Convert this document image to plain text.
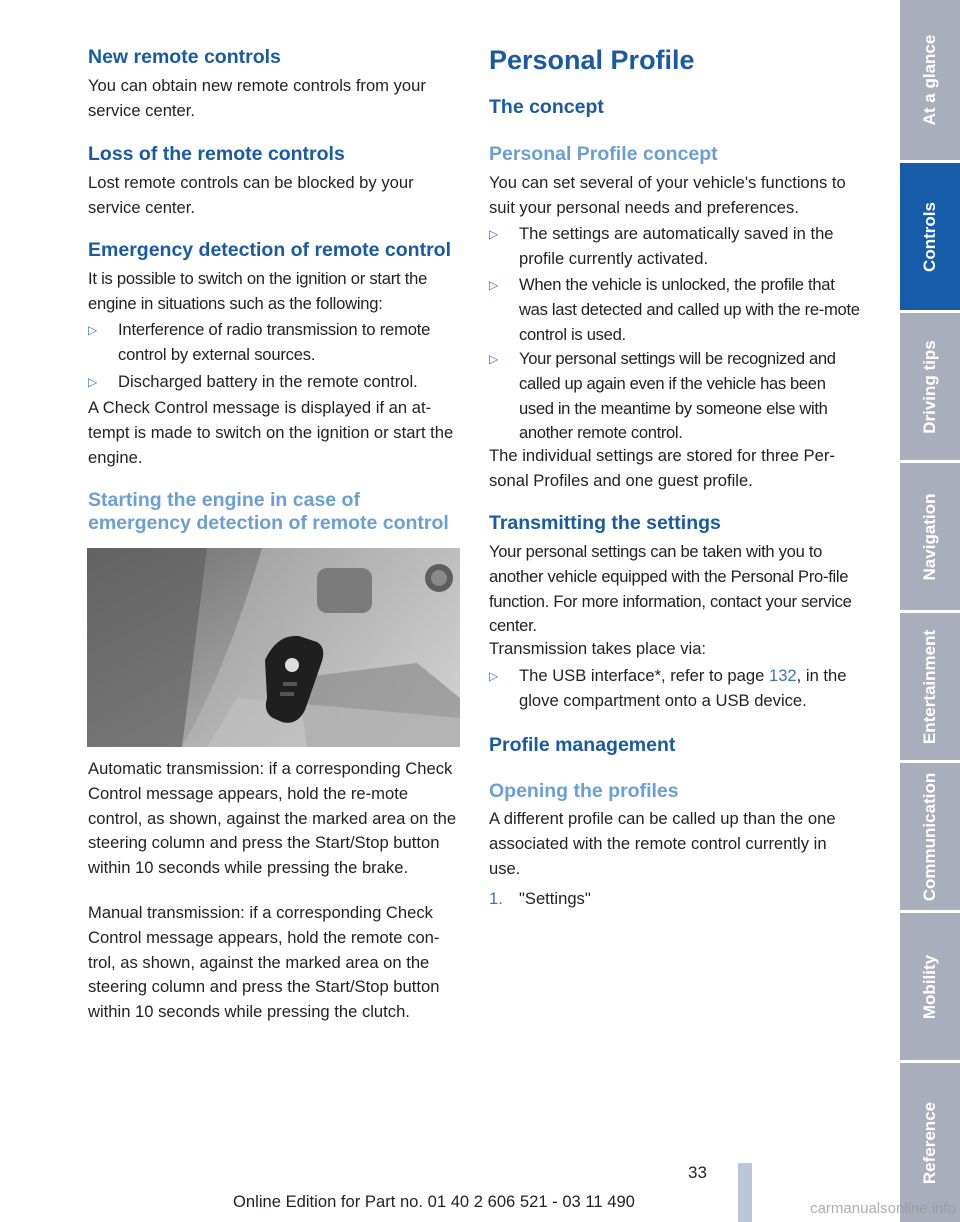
New remote controls

You can obtain new remote controls from your service center.

Loss of the remote controls

Lost remote controls can be blocked by your service center.

Emergency detection of remote control

It is possible to switch on the ignition or start the engine in situations such as the following:

▷ Interference of radio transmission to remote control by external sources.
▷ Discharged battery in the remote control.

A Check Control message is displayed if an at-tempt is made to switch on the ignition or start the engine.

Starting the engine in case of
emergency detection of remote control

Automatic transmission: if a corresponding Check Control message appears, hold the re-mote control, as shown, against the marked area on the steering column and press the Start/Stop button within 10 seconds while pressing the brake.

Manual transmission: if a corresponding Check Control message appears, hold the remote con-trol, as shown, against the marked area on the steering column and press the Start/Stop button within 10 seconds while pressing the clutch.

Personal Profile
The concept
Personal Profile concept

You can set several of your vehicle's functions to suit your personal needs and preferences.

▷ The settings are automatically saved in the profile currently activated.
▷ When the vehicle is unlocked, the profile that was last detected and called up with the re-mote control is used.
▷ Your personal settings will be recognized and called up again even if the vehicle has been used in the meantime by someone else with another remote control.

The individual settings are stored for three Per-sonal Profiles and one guest profile.

Transmitting the settings

Your personal settings can be taken with you to another vehicle equipped with the Personal Pro-file function. For more information, contact your service center.

Transmission takes place via:

▷ The USB interface*, refer to page 132, in the glove compartment onto a USB device.
Profile management
Opening the profiles

A different profile can be called up than the one associated with the remote control currently in use.

1. "Settings"
At a glance
Controls
Driving tips
Navigation
Entertainment
Communication
Mobility
Reference
33
Online Edition for Part no. 01 40 2 606 521 - 03 11 490	carmanualsonline.info
